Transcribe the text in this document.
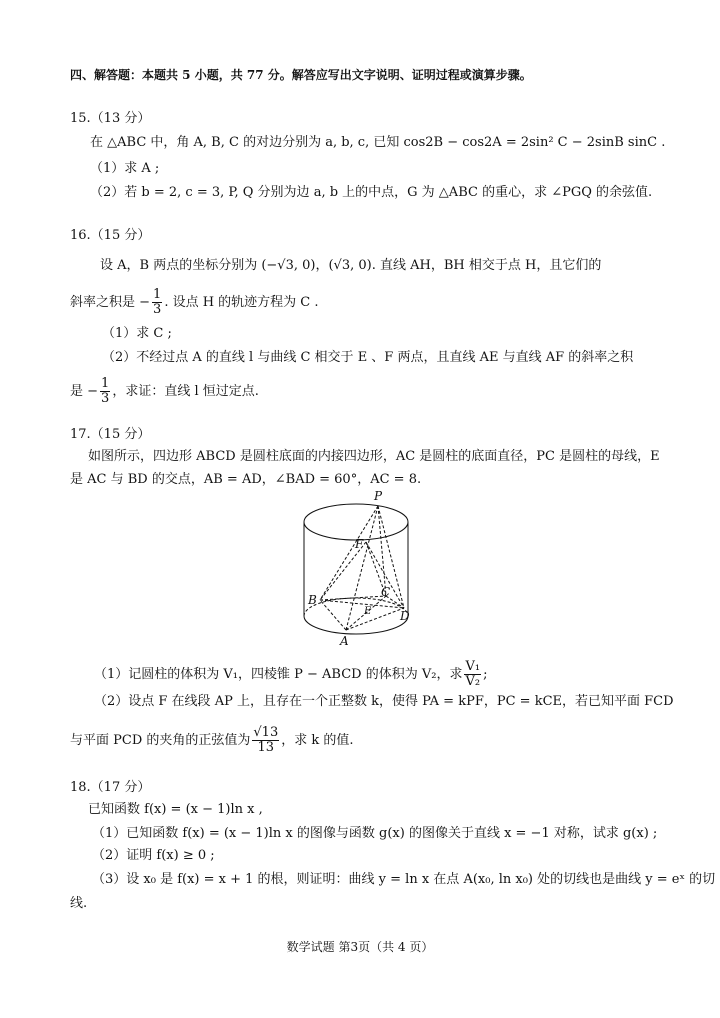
四、解答题：本题共 5 小题，共 77 分。解答应写出文字说明、证明过程或演算步骤。
15.（13 分）
在 △ABC 中，角 A, B, C 的对边分别为 a, b, c, 已知 cos2B − cos2A = 2sin² C − 2sinB sinC .
（1）求 A ;
（2）若 b = 2, c = 3, P, Q 分别为边 a, b 上的中点，G 为 △ABC 的重心，求 ∠PGQ 的余弦值.
16.（15 分）
设 A，B 两点的坐标分别为 (−√3, 0)，(√3, 0). 直线 AH，BH 相交于点 H，且它们的
斜率之积是 − $\frac{1}{3}$ . 设点 H 的轨迹方程为 C .
（1）求 C ;
（2）不经过点 A 的直线 l 与曲线 C 相交于 E 、F 两点，且直线 AE 与直线 AF 的斜率之积
是 − $\frac{1}{3}$ ，求证：直线 l 恒过定点.
17.（15 分）
如图所示，四边形 ABCD 是圆柱底面的内接四边形，AC 是圆柱的底面直径，PC 是圆柱的母线，E
是 AC 与 BD 的交点，AB = AD，∠BAD = 60°，AC = 8.
P
F
B
C
E D
A
（1）记圆柱的体积为 V₁，四棱锥 P − ABCD 的体积为 V₂，求 $\frac{\text{V₁}}{\text{V₂}}$ ;
（2）设点 F 在线段 AP 上，且存在一个正整数 k，使得 PA = kPF，PC = kCE，若已知平面 FCD
与平面 PCD 的夹角的正弦值为 $\frac{√13}{13}$ ，求 k 的值.
18.（17 分）
已知函数 f(x) = (x − 1)ln x ,
（1）已知函数 f(x) = (x − 1)ln x 的图像与函数 g(x) 的图像关于直线 x = −1 对称，试求 g(x) ;
（2）证明 f(x) ≥ 0 ;
（3）设 x₀ 是 f(x) = x + 1 的根，则证明：曲线 y = ln x 在点 A(x₀, ln x₀) 处的切线也是曲线 y = eˣ 的切
线.
数学试题 第3页（共 4 页）
